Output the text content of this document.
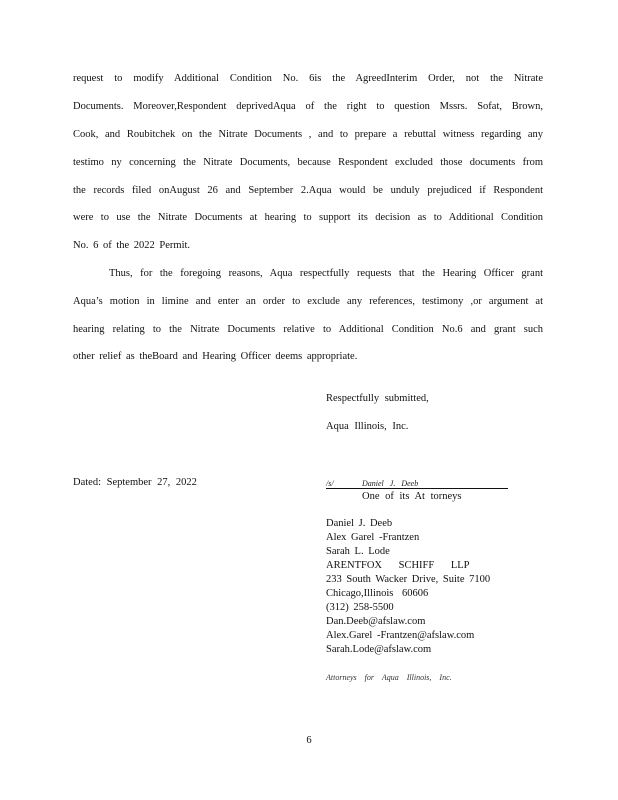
request to modify Additional Condition No. 6is the AgreedInterim Order, not the Nitrate
Documents. Moreover,Respondent deprivedAqua of the right to question Mssrs. Sofat, Brown,
Cook, and Roubitchek on the Nitrate Documents , and to prepare a rebuttal witness regarding any
testimo ny concerning the Nitrate Documents, because Respondent excluded those documents from
the records filed onAugust 26 and September 2.Aqua would be unduly prejudiced if Respondent
were to use the Nitrate Documents at hearing to support its decision as to Additional Condition
No. 6 of the 2022 Permit.
Thus, for the foregoing reasons, Aqua respectfully requests that the Hearing Officer grant
Aqua’s motion in limine and enter an order to exclude any references, testimony ,or argument at
hearing relating to the Nitrate Documents relative to Additional Condition No.6 and grant such
other relief as theBoard and Hearing Officer deems appropriate.
Respectfully submitted,
Aqua Illinois, Inc.
Dated: September 27, 2022	/s/	Daniel J. Deeb
One of its At torneys
Daniel J. Deeb
Alex Garel -Frantzen
Sarah L. Lode
ARENTFOX SCHIFF LLP
233 South Wacker Drive, Suite 7100
Chicago,Illinois 60606
(312) 258-5500
Dan.Deeb@afslaw.com
Alex.Garel -Frantzen@afslaw.com
Sarah.Lode@afslaw.com
Attorneys for Aqua Illinois, Inc.
6
